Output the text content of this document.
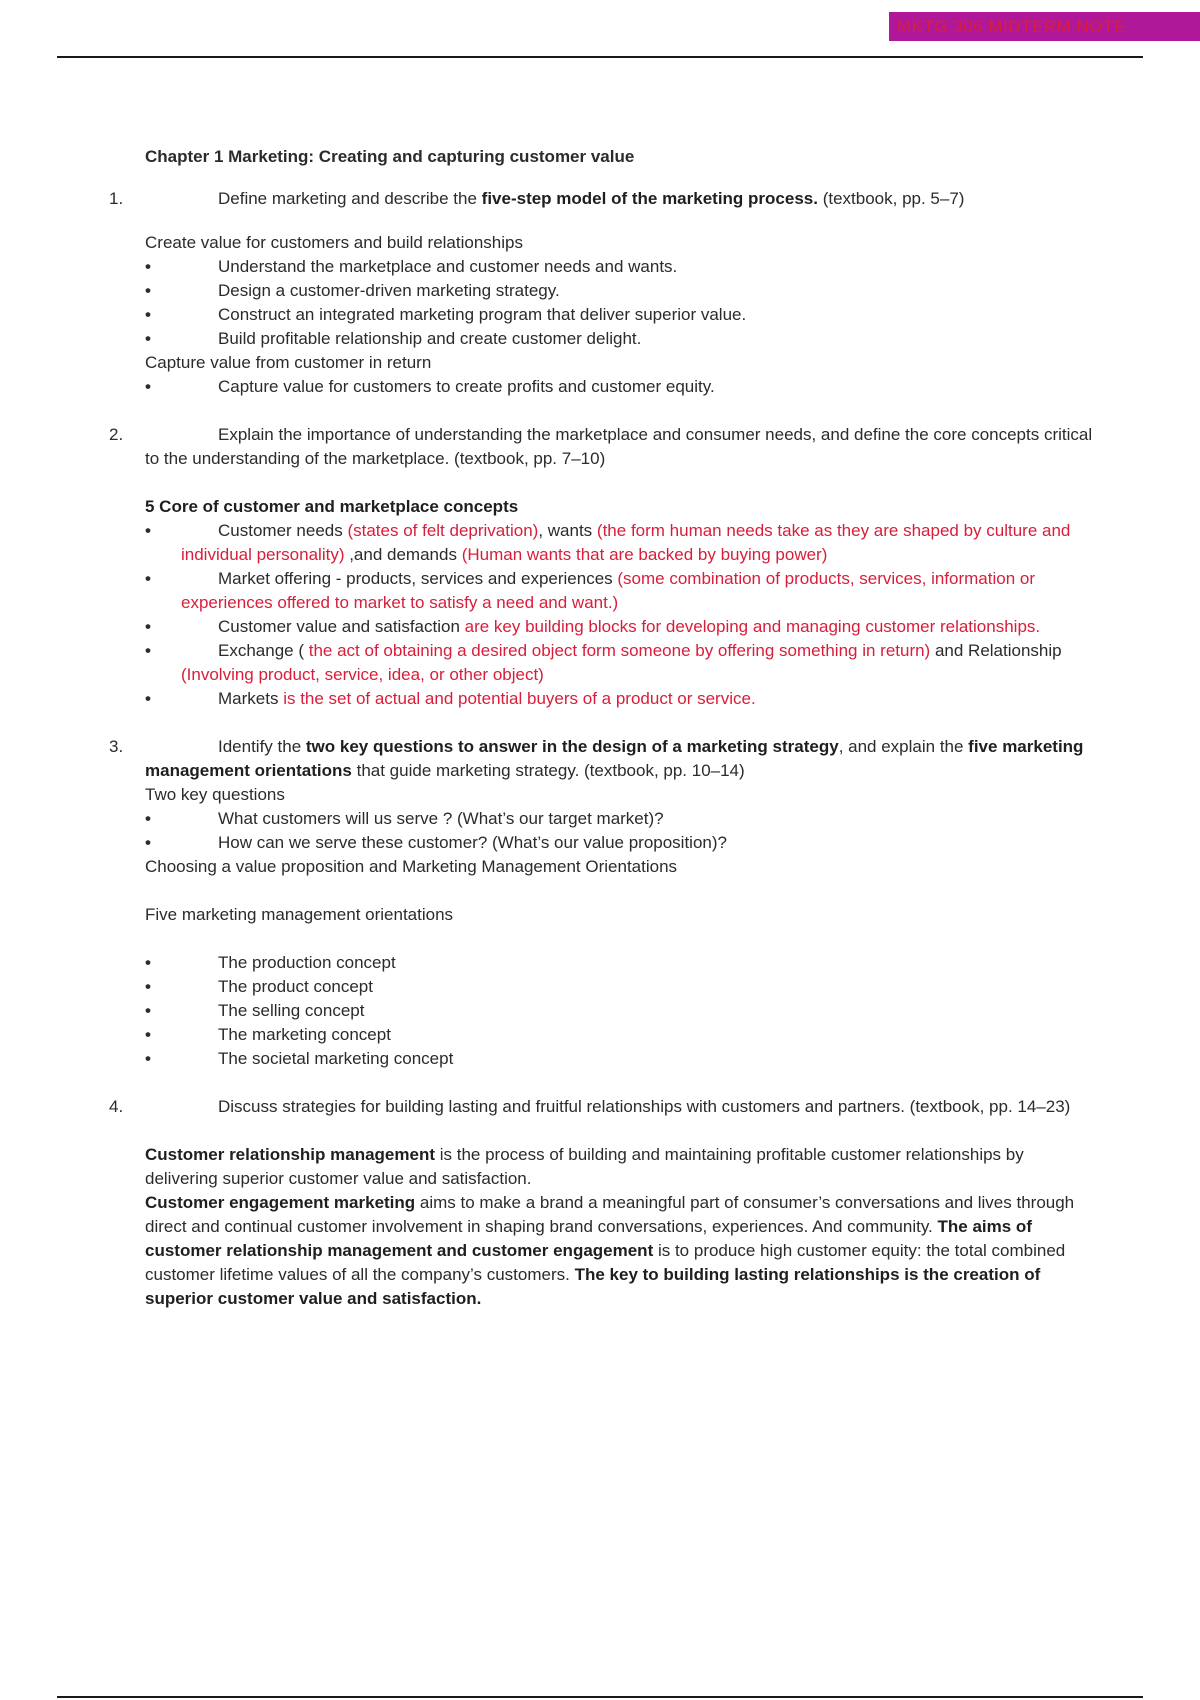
MKTG 306 MIDTERM NOTE

Chapter 1 Marketing: Creating and capturing customer value

1.	Define marketing and describe the five-step model of the marketing process. (textbook, pp. 5–7)

Create value for customers and build relationships

•
Understand the marketplace and customer needs and wants.
•
Design a customer-driven marketing strategy.
•
Construct an integrated marketing program that deliver superior value.
•
Build profitable relationship and create customer delight.

Capture value from customer in return

•
Capture value for customers to create profits and customer equity.
2.	Explain the importance of understanding the marketplace and consumer needs, and define the core concepts critical to the understanding of the marketplace. (textbook, pp. 7–10)

5 Core of customer and marketplace concepts

•
Customer needs (states of felt deprivation), wants (the form human needs take as they are shaped by culture and individual personality) ,and demands (Human wants that are backed by buying power)
•
Market offering - products, services and experiences (some combination of products, services, information or experiences offered to market to satisfy a need and want.)
•
Customer value and satisfaction are key building blocks for developing and managing customer relationships.
•
Exchange ( the act of obtaining a desired object form someone by offering something in return) and Relationship (Involving product, service, idea, or other object)
•
Markets is the set of actual and potential buyers of a product or service.
3.	Identify the two key questions to answer in the design of a marketing strategy, and explain the five marketing management orientations that guide marketing strategy. (textbook, pp. 10–14)

Two key questions

•
What customers will us serve ? (What’s our target market)?
•
How can we serve these customer? (What’s our value proposition)?

Choosing a value proposition and Marketing Management Orientations

Five marketing management orientations

•
The production concept
•
The product concept
•
The selling concept
•
The marketing concept
•
The societal marketing concept
4.	Discuss strategies for building lasting and fruitful relationships with customers and partners. (textbook, pp. 14–23)

Customer relationship management is the process of building and maintaining profitable customer relationships by delivering superior customer value and satisfaction.

Customer engagement marketing aims to make a brand a meaningful part of consumer’s conversations and lives through direct and continual customer involvement in shaping brand conversations, experiences. And community. The aims of customer relationship management and customer engagement is to produce high customer equity: the total combined customer lifetime values of all the company’s customers. The key to building lasting relationships is the creation of superior customer value and satisfaction.
